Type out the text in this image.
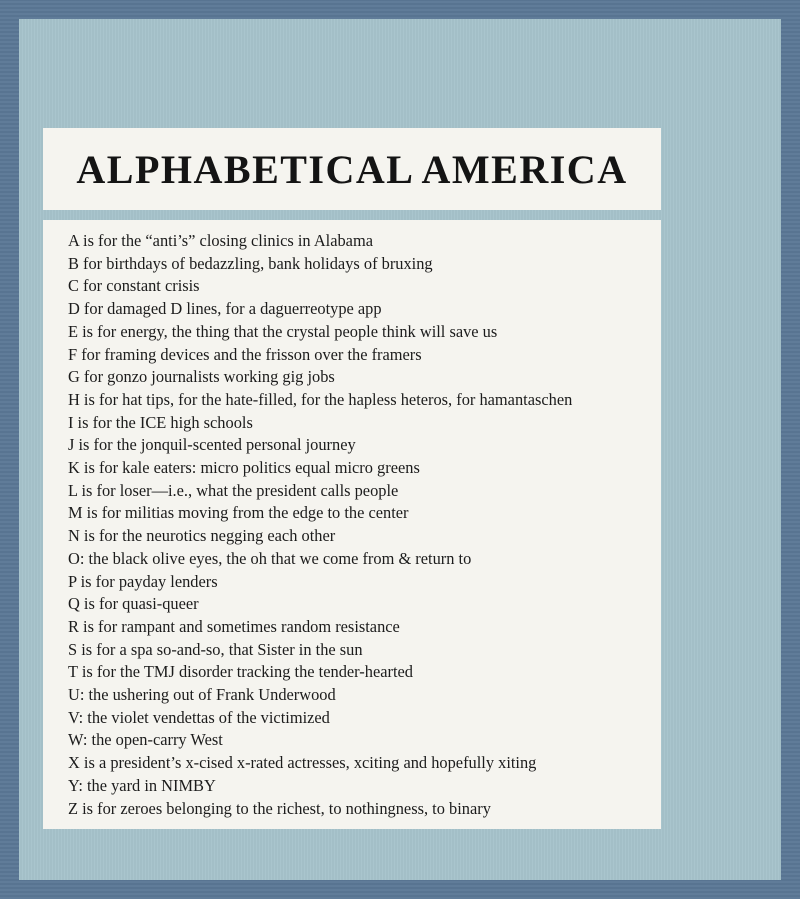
ALPHABETICAL AMERICA
A is for the “anti’s” closing clinics in Alabama
B for birthdays of bedazzling, bank holidays of bruxing
C for constant crisis
D for damaged D lines, for a daguerreotype app
E is for energy, the thing that the crystal people think will save us
F for framing devices and the frisson over the framers
G for gonzo journalists working gig jobs
H is for hat tips, for the hate-filled, for the hapless heteros, for hamantaschen
I is for the ICE high schools
J is for the jonquil-scented personal journey
K is for kale eaters: micro politics equal micro greens
L is for loser—i.e., what the president calls people
M is for militias moving from the edge to the center
N is for the neurotics negging each other
O: the black olive eyes, the oh that we come from & return to
P is for payday lenders
Q is for quasi-queer
R is for rampant and sometimes random resistance
S is for a spa so-and-so, that Sister in the sun
T is for the TMJ disorder tracking the tender-hearted
U: the ushering out of Frank Underwood
V: the violet vendettas of the victimized
W: the open-carry West
X is a president’s x-cised x-rated actresses, xciting and hopefully xiting
Y: the yard in NIMBY
Z is for zeroes belonging to the richest, to nothingness, to binary
